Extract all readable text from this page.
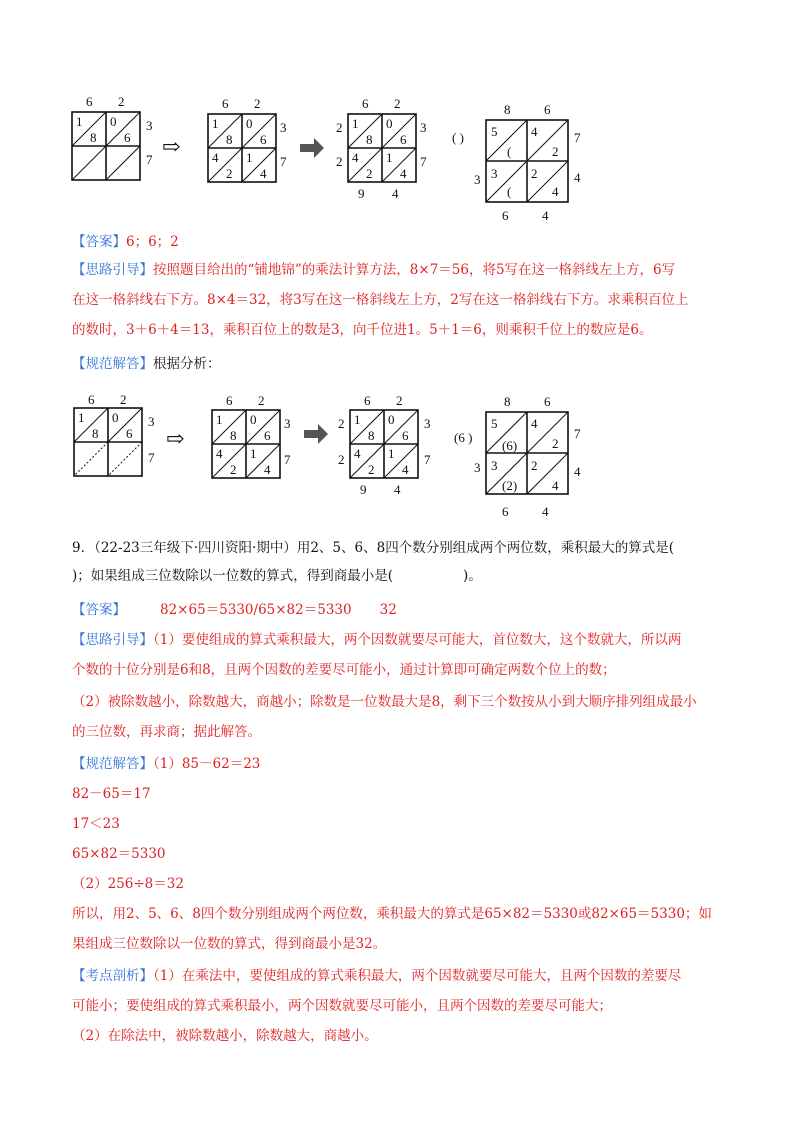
6 2
3
7
1
8
0
6 ⇨
6 2
3
7
1
8
0
6
4
2
1
4
6 2
2
2
3
7
9 4
1
8
0
6
4
2
1
4
( )
8	6
3
7
4
6	4
5
(
4
2
3
(
2
4
【答案】6；6；2
【思路引导】按照题目给出的“铺地锦”的乘法计算方法，8×7＝56，将5写在这一格斜线左上方，6写
在这一格斜线右下方。8×4＝32，将3写在这一格斜线左上方，2写在这一格斜线右下方。求乘积百位上
的数时，3＋6＋4＝13，乘积百位上的数是3，向千位进1。5＋1＝6，则乘积千位上的数应是6。
【规范解答】根据分析：
6 2
3
7
1
8
0
6 ⇨
6 2
3
7
1
8
0
6
4
2
1
4
6 2
2
2
3
7
9 4
1
8
0
6
4
2
1
4
(6 )
8	6
3
7
4
6	4
5
(6)
4
2
3
(2)
2
4
9．（22-23三年级下·四川资阳·期中）用2、5、6、8四个数分别组成两个两位数，乘积最大的算式是(
)；如果组成三位数除以一位数的算式，得到商最小是(	)。
【答案】	82×65＝5330/65×82＝5330 32
【思路引导】（1）要使组成的算式乘积最大，两个因数就要尽可能大，首位数大，这个数就大，所以两
个数的十位分别是6和8，且两个因数的差要尽可能小，通过计算即可确定两数个位上的数；
（2）被除数越小，除数越大，商越小；除数是一位数最大是8，剩下三个数按从小到大顺序排列组成最小
的三位数，再求商；据此解答。
【规范解答】（1）85－62＝23
82－65＝17
17＜23
65×82＝5330
（2）256÷8＝32
所以，用2、5、6、8四个数分别组成两个两位数，乘积最大的算式是65×82＝5330或82×65＝5330；如
果组成三位数除以一位数的算式，得到商最小是32。
【考点剖析】（1）在乘法中，要使组成的算式乘积最大，两个因数就要尽可能大，且两个因数的差要尽
可能小；要使组成的算式乘积最小，两个因数就要尽可能小，且两个因数的差要尽可能大；
（2）在除法中，被除数越小，除数越大，商越小。
